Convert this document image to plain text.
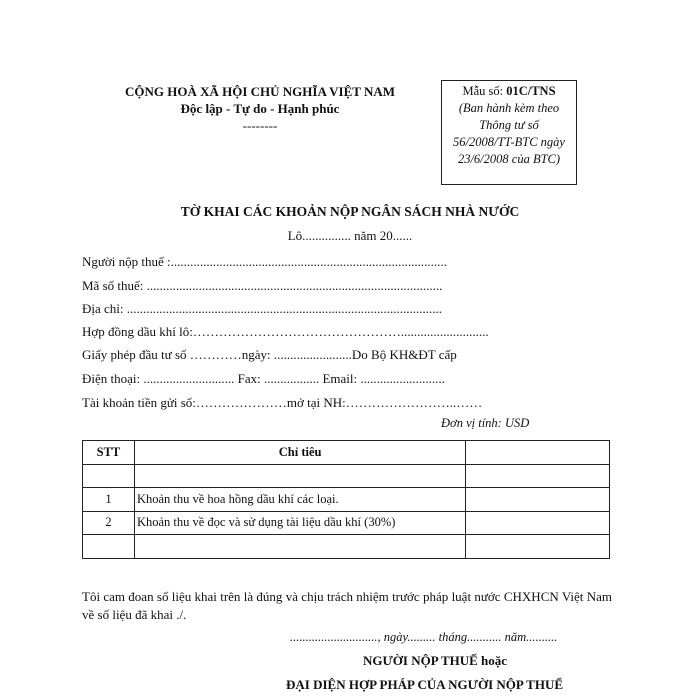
CỘNG HOÀ XÃ HỘI CHỦ NGHĨA VIỆT NAM
Độc lập - Tự do - Hạnh phúc
--------
Mẫu số: 01C/TNS
(Ban hành kèm theo
Thông tư số
56/2008/TT-BTC ngày
23/6/2008 của BTC)
TỜ KHAI CÁC KHOẢN NỘP NGÂN SÁCH NHÀ NƯỚC
Lô............... năm 20......
Người nộp thuế :.....................................................................................
Mã số thuế: ...........................................................................................
Địa chỉ: .................................................................................................
Hợp đồng dầu khí lô:…………………………………………...........................
Giấy phép đầu tư số …………ngày: ........................Do Bộ KH&ĐT cấp
Điện thoại: ............................ Fax: ................. Email: ..........................
Tài khoản tiền gửi số:…………………mở tại NH:……………………..……
Đơn vị tính: USD
STT	Chỉ tiêu	

1	Khoản thu về hoa hồng dầu khí các loại.	
2	Khoản thu về đọc và sử dụng tài liệu dầu khí (30%)	

Tôi cam đoan số liệu khai trên là đúng và chịu trách nhiệm trước pháp luật nước CHXHCN Việt Nam về số liệu đã khai ./.
............................, ngày......... tháng........... năm..........
NGƯỜI NỘP THUẾ hoặc
ĐẠI DIỆN HỢP PHÁP CỦA NGƯỜI NỘP THUẾ
